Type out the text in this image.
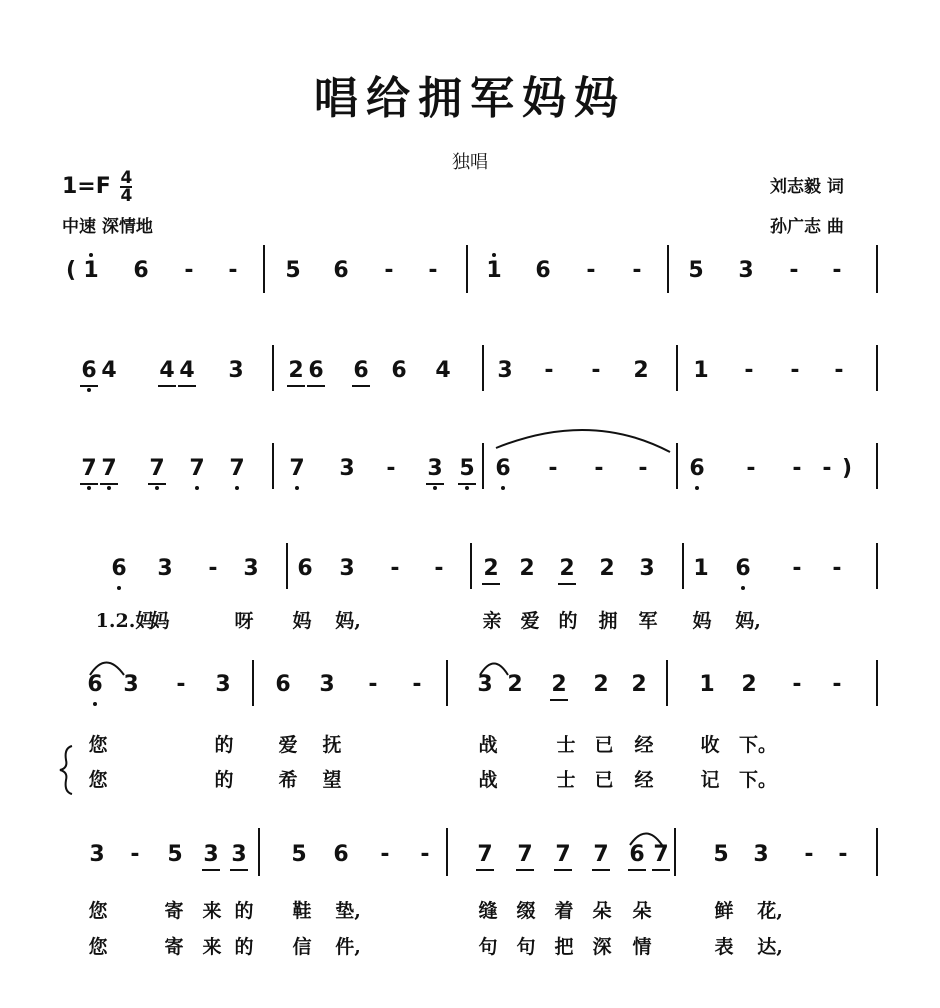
唱给拥军妈妈
独唱
$1=F \frac{4}{4}$
中速 深情地
刘志毅 词
孙广志 曲
( 1 6 - - 5 6 - - 1 6 - - 5 3 - -
6 4 4 4 3 2 6 6 6 4 3 - - 2 1 - - -
7 7 7 7 7 7 3 - 3 5 6 - - - 6 - - - )
6 3 - 3 6 3 - - 2 2 2 2 3 1 6 - -
1.2.妈
妈	呀	妈	妈,	亲 爱 的	拥	军	妈	妈,
6 3 - 3 6 3 - -	3 2 2 2 2 1 2 - -
您	的	爱	抚	战	士 已	经	收	下。
您	的	希	望	战	士 已	经	记	下。
3 - 5 3 3 5 6 - - 7 7 7 7 6 7 5 3 - -
您	寄 来 的	鞋	垫,	缝 缀 着 朵	朵	鲜	花,
您	寄 来 的	信	件,	句 句 把 深	情	表	达,
